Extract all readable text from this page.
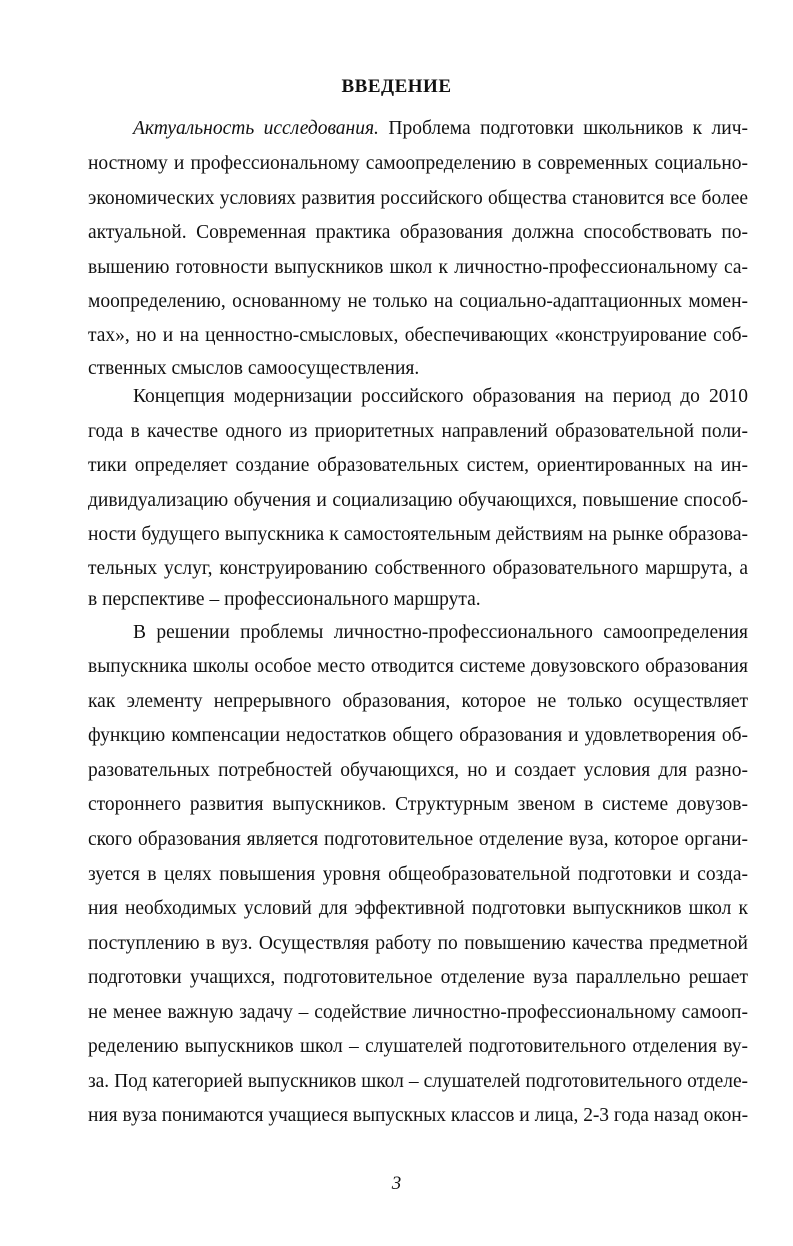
ВВЕДЕНИЕ
Актуальность исследования. Проблема подготовки школьников к лич-
ностному и профессиональному самоопределению в современных социально-
экономических условиях развития российского общества становится все более
актуальной. Современная практика образования должна способствовать по-
вышению готовности выпускников школ к личностно-профессиональному са-
моопределению, основанному не только на социально-адаптационных момен-
тах», но и на ценностно-смысловых, обеспечивающих «конструирование соб-
ственных смыслов самоосуществления.
Концепция модернизации российского образования на период до 2010
года в качестве одного из приоритетных направлений образовательной поли-
тики определяет создание образовательных систем, ориентированных на ин-
дивидуализацию обучения и социализацию обучающихся, повышение способ-
ности будущего выпускника к самостоятельным действиям на рынке образова-
тельных услуг, конструированию собственного образовательного маршрута, а
в перспективе – профессионального маршрута.
В решении проблемы личностно-профессионального самоопределения
выпускника школы особое место отводится системе довузовского образования
как элементу непрерывного образования, которое не только осуществляет
функцию компенсации недостатков общего образования и удовлетворения об-
разовательных потребностей обучающихся, но и создает условия для разно-
стороннего развития выпускников. Структурным звеном в системе довузов-
ского образования является подготовительное отделение вуза, которое органи-
зуется в целях повышения уровня общеобразовательной подготовки и созда-
ния необходимых условий для эффективной подготовки выпускников школ к
поступлению в вуз. Осуществляя работу по повышению качества предметной
подготовки учащихся, подготовительное отделение вуза параллельно решает
не менее важную задачу – содействие личностно-профессиональному самооп-
ределению выпускников школ – слушателей подготовительного отделения ву-
за. Под категорией выпускников школ – слушателей подготовительного отделе-
ния вуза понимаются учащиеся выпускных классов и лица, 2-3 года назад окон-
3
